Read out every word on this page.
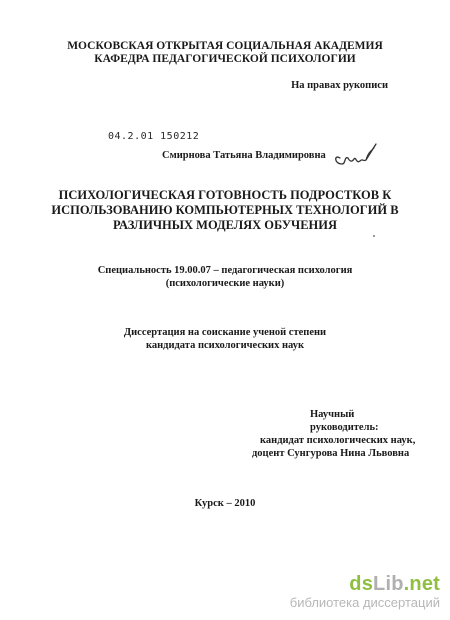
МОСКОВСКАЯ ОТКРЫТАЯ СОЦИАЛЬНАЯ АКАДЕМИЯ
КАФЕДРА ПЕДАГОГИЧЕСКОЙ ПСИХОЛОГИИ
На правах рукописи
04.2.01 150212
Смирнова Татьяна Владимировна
ПСИХОЛОГИЧЕСКАЯ ГОТОВНОСТЬ ПОДРОСТКОВ К
ИСПОЛЬЗОВАНИЮ КОМПЬЮТЕРНЫХ ТЕХНОЛОГИЙ В
РАЗЛИЧНЫХ МОДЕЛЯХ ОБУЧЕНИЯ
Специальность 19.00.07 – педагогическая психология
(психологические науки)
Диссертация на соискание ученой степени
кандидата психологических наук
Научный руководитель:
кандидат психологических наук,
доцент Сунгурова Нина Львовна
Курск – 2010
dsLib.net
библиотека диссертаций
